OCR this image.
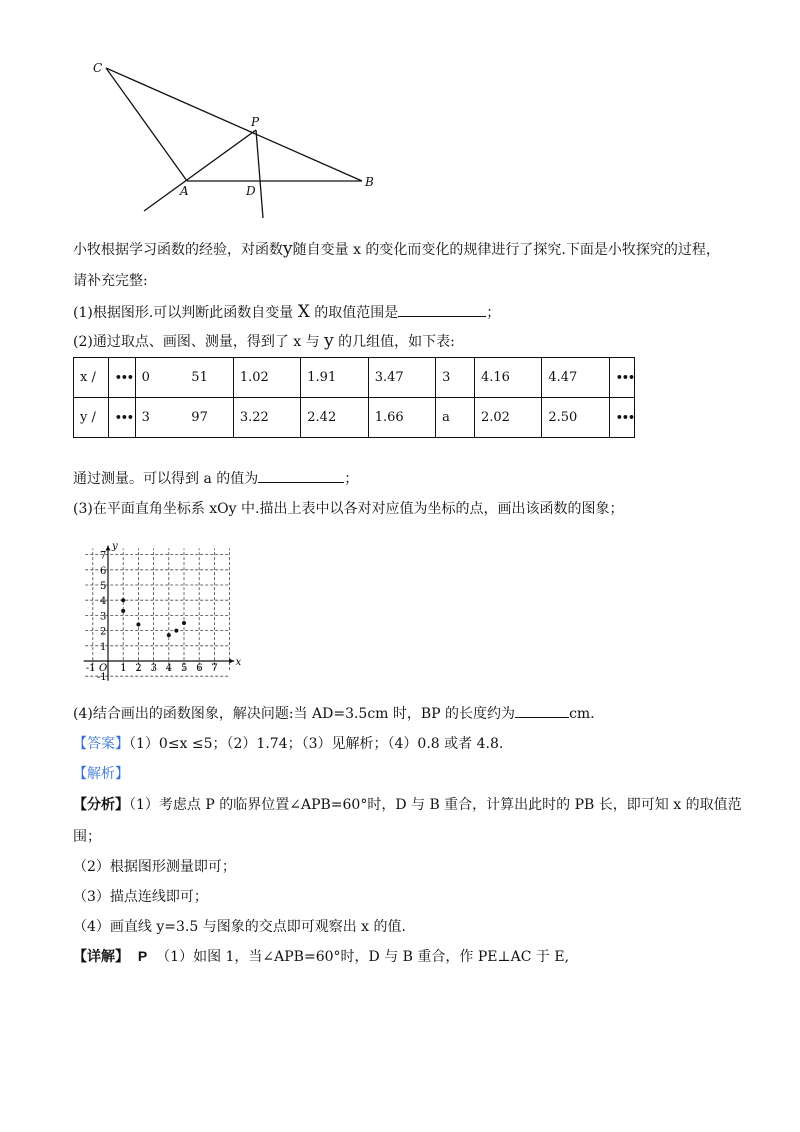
C
P
A	D
B
小牧根据学习函数的经验，对函数y随自变量 x 的变化而变化的规律进行了探究.下面是小牧探究的过程，
请补充完整:
(1)根据图形.可以判断此函数自变量 X 的取值范围是	；
(2)通过取点、画图、测量，得到了 x 与 y 的几组值，如下表:
x /	•••	0	51	1.02	1.91	3.47	3	4.16	4.47	•••
y /	•••	3	97	3.22	2.42	1.66	a	2.02	2.50	•••
通过测量。可以得到 a 的值为	；
(3)在平面直角坐标系 xOy 中.描出上表中以各对对应值为坐标的点，画出该函数的图象；
x
y
O
-1 1 2 3 4 5 6 7
7
6
5
4
3
2
1
-1
(4)结合画出的函数图象，解决问题:当 AD=3.5cm 时，BP 的长度约为	cm.
【答案】（1）0≤x ≤5；（2）1.74；（3）见解析；（4）0.8 或者 4.8.
【解析】
【分析】（1）考虑点 P 的临界位置∠APB=60°时，D 与 B 重合，计算出此时的 PB 长，即可知 x 的取值范
围；
（2）根据图形测量即可；
（3）描点连线即可；
（4）画直线 y=3.5 与图象的交点即可观察出 x 的值.
【详解】 P （1）如图 1，当∠APB=60°时，D 与 B 重合，作 PE⊥AC 于 E,
